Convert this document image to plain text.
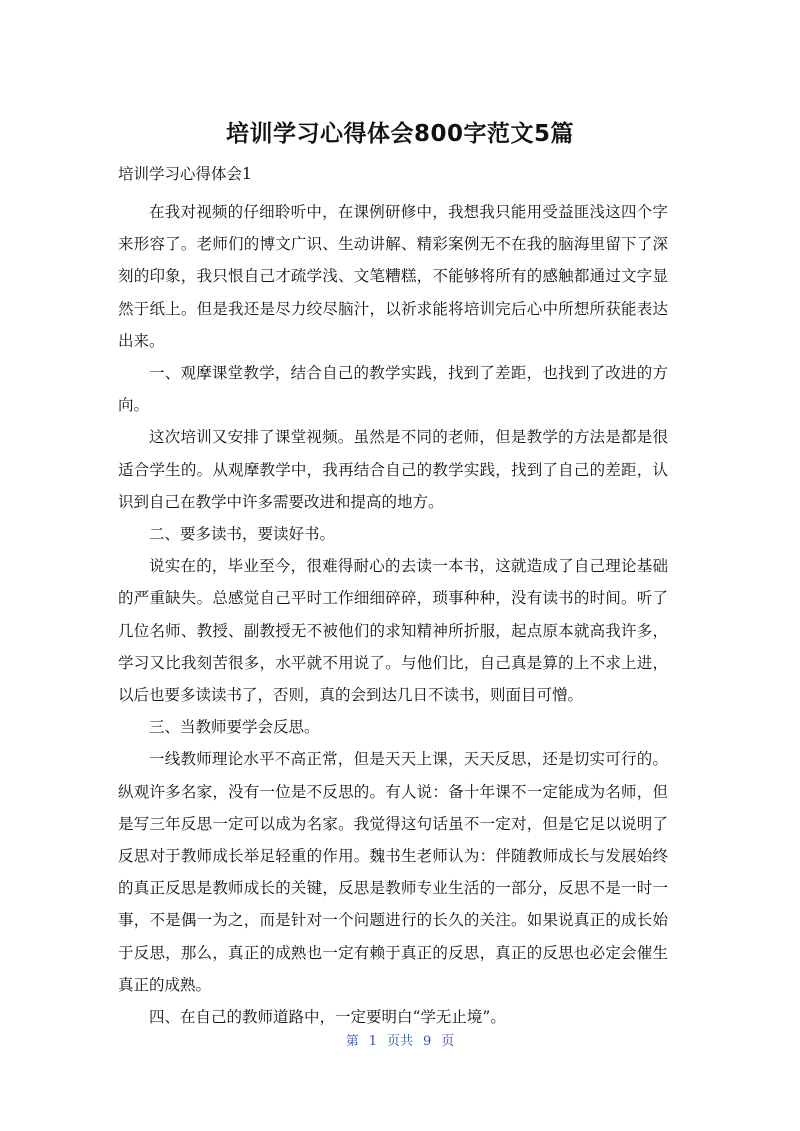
培训学习心得体会800字范文5篇
培训学习心得体会1

在我对视频的仔细聆听中，在课例研修中，我想我只能用受益匪浅这四个字来形容了。老师们的博文广识、生动讲解、精彩案例无不在我的脑海里留下了深刻的印象，我只恨自己才疏学浅、文笔糟糕，不能够将所有的感触都通过文字显然于纸上。但是我还是尽力绞尽脑汁，以祈求能将培训完后心中所想所获能表达出来。

一、观摩课堂教学，结合自己的教学实践，找到了差距，也找到了改进的方向。

这次培训又安排了课堂视频。虽然是不同的老师，但是教学的方法是都是很适合学生的。从观摩教学中，我再结合自己的教学实践，找到了自己的差距，认识到自己在教学中许多需要改进和提高的地方。

二、要多读书，要读好书。

说实在的，毕业至今，很难得耐心的去读一本书，这就造成了自己理论基础的严重缺失。总感觉自己平时工作细细碎碎，琐事种种，没有读书的时间。听了几位名师、教授、副教授无不被他们的求知精神所折服，起点原本就高我许多，学习又比我刻苦很多，水平就不用说了。与他们比，自己真是算的上不求上进，以后也要多读读书了，否则，真的会到达几日不读书，则面目可憎。

三、当教师要学会反思。

一线教师理论水平不高正常，但是天天上课，天天反思，还是切实可行的。纵观许多名家，没有一位是不反思的。有人说：备十年课不一定能成为名师，但是写三年反思一定可以成为名家。我觉得这句话虽不一定对，但是它足以说明了反思对于教师成长举足轻重的作用。魏书生老师认为：伴随教师成长与发展始终的真正反思是教师成长的关键，反思是教师专业生活的一部分，反思不是一时一事，不是偶一为之，而是针对一个问题进行的长久的关注。如果说真正的成长始于反思，那么，真正的成熟也一定有赖于真正的反思，真正的反思也必定会催生真正的成熟。

四、在自己的教师道路中，一定要明白“学无止境”。

第 1 页共 9 页
